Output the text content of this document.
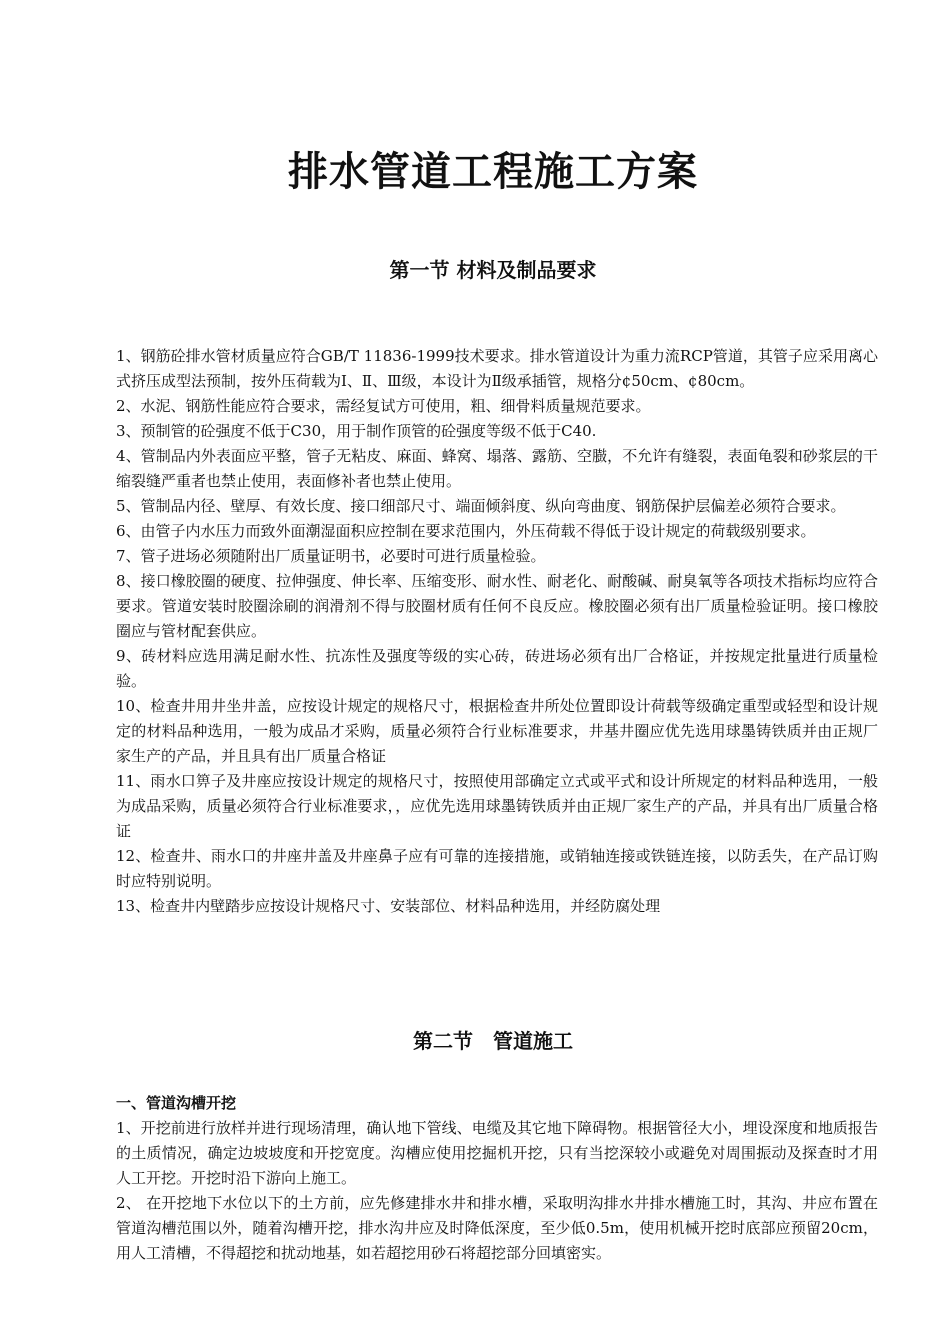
排水管道工程施工方案
第一节 材料及制品要求

1、钢筋砼排水管材质量应符合GB/T 11836-1999技术要求。排水管道设计为重力流RCP管道，其管子应采用离心式挤压成型法预制，按外压荷载为Ⅰ、Ⅱ、Ⅲ级，本设计为Ⅱ级承插管，规格分¢50cm、¢80cm。

2、水泥、钢筋性能应符合要求，需经复试方可使用，粗、细骨料质量规范要求。

3、预制管的砼强度不低于C30，用于制作顶管的砼强度等级不低于C40.

4、管制品内外表面应平整，管子无粘皮、麻面、蜂窝、塌落、露筋、空臌，不允许有缝裂，表面龟裂和砂浆层的干缩裂缝严重者也禁止使用，表面修补者也禁止使用。

5、管制品内径、壁厚、有效长度、接口细部尺寸、端面倾斜度、纵向弯曲度、钢筋保护层偏差必须符合要求。

6、由管子内水压力而致外面潮湿面积应控制在要求范围内，外压荷载不得低于设计规定的荷载级别要求。

7、管子进场必须随附出厂质量证明书，必要时可进行质量检验。

8、接口橡胶圈的硬度、拉伸强度、伸长率、压缩变形、耐水性、耐老化、耐酸碱、耐臭氧等各项技术指标均应符合要求。管道安装时胶圈涂刷的润滑剂不得与胶圈材质有任何不良反应。橡胶圈必须有出厂质量检验证明。接口橡胶圈应与管材配套供应。

9、砖材料应选用满足耐水性、抗冻性及强度等级的实心砖，砖进场必须有出厂合格证，并按规定批量进行质量检验。

10、检查井用井坐井盖，应按设计规定的规格尺寸，根据检查井所处位置即设计荷载等级确定重型或轻型和设计规定的材料品种选用，一般为成品才采购，质量必须符合行业标准要求，井基井圈应优先选用球墨铸铁质并由正规厂家生产的产品，并且具有出厂质量合格证

11、雨水口箅子及井座应按设计规定的规格尺寸，按照使用部确定立式或平式和设计所规定的材料品种选用，一般为成品采购，质量必须符合行业标准要求，，应优先选用球墨铸铁质并由正规厂家生产的产品，并具有出厂质量合格证

12、检查井、雨水口的井座井盖及井座鼻子应有可靠的连接措施，或销轴连接或铁链连接，以防丢失，在产品订购时应特别说明。

13、检查井内壁踏步应按设计规格尺寸、安装部位、材料品种选用，并经防腐处理

第二节　管道施工
一、管道沟槽开挖

1、开挖前进行放样并进行现场清理，确认地下管线、电缆及其它地下障碍物。根据管径大小，埋设深度和地质报告的土质情况，确定边坡坡度和开挖宽度。沟槽应使用挖掘机开挖，只有当挖深较小或避免对周围振动及探查时才用人工开挖。开挖时沿下游向上施工。

2、 在开挖地下水位以下的土方前，应先修建排水井和排水槽，采取明沟排水井排水槽施工时，其沟、井应布置在管道沟槽范围以外，随着沟槽开挖，排水沟井应及时降低深度，至少低0.5m，使用机械开挖时底部应预留20cm，用人工清槽，不得超挖和扰动地基，如若超挖用砂石将超挖部分回填密实。
